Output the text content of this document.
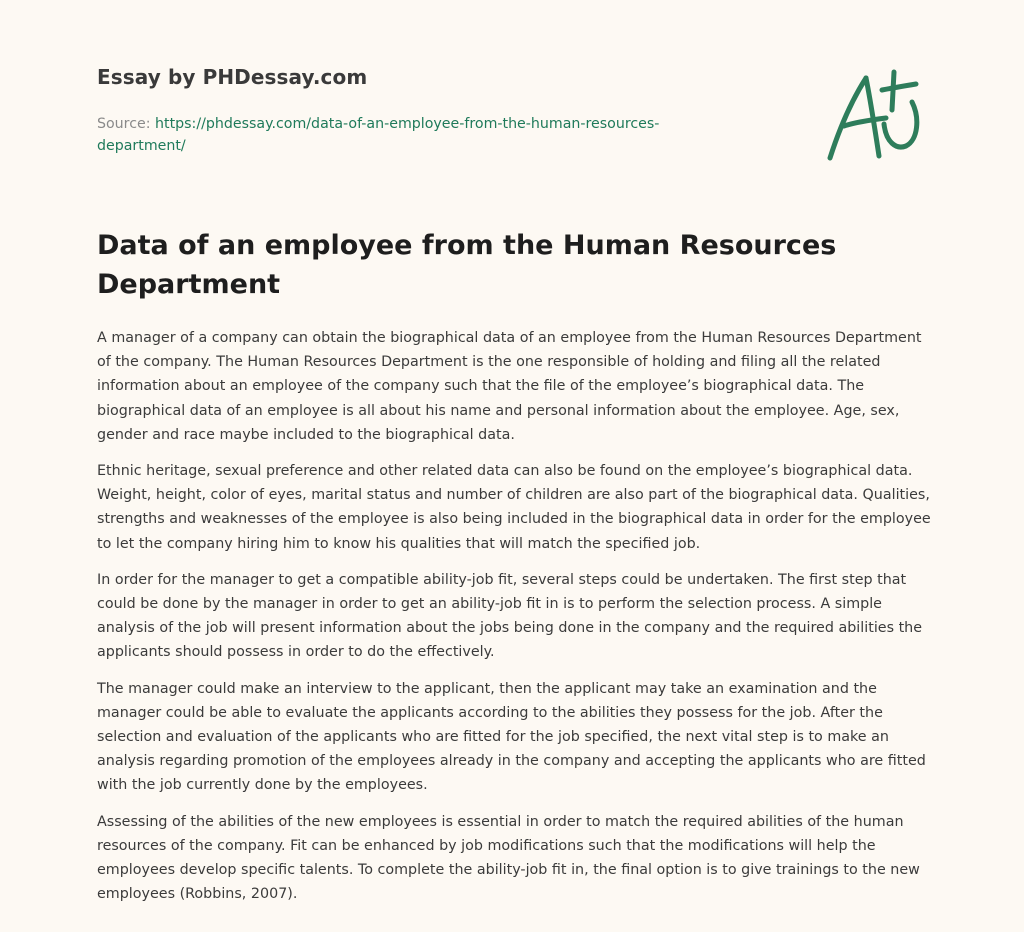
Essay by PHDessay.com
Source: https://phdessay.com/data-of-an-employee-from-the-human-resources-department/
Data of an employee from the Human Resources Department

A manager of a company can obtain the biographical data of an employee from the Human Resources Department of the company. The Human Resources Department is the one responsible of holding and filing all the related information about an employee of the company such that the file of the employee’s biographical data. The biographical data of an employee is all about his name and personal information about the employee. Age, sex, gender and race maybe included to the biographical data.

Ethnic heritage, sexual preference and other related data can also be found on the employee’s biographical data. Weight, height, color of eyes, marital status and number of children are also part of the biographical data. Qualities, strengths and weaknesses of the employee is also being included in the biographical data in order for the employee to let the company hiring him to know his qualities that will match the specified job.

In order for the manager to get a compatible ability-job fit, several steps could be undertaken. The first step that could be done by the manager in order to get an ability-job fit in is to perform the selection process. A simple analysis of the job will present information about the jobs being done in the company and the required abilities the applicants should possess in order to do the effectively.

The manager could make an interview to the applicant, then the applicant may take an examination and the manager could be able to evaluate the applicants according to the abilities they possess for the job. After the selection and evaluation of the applicants who are fitted for the job specified, the next vital step is to make an analysis regarding promotion of the employees already in the company and accepting the applicants who are fitted with the job currently done by the employees.

Assessing of the abilities of the new employees is essential in order to match the required abilities of the human resources of the company. Fit can be enhanced by job modifications such that the modifications will help the employees develop specific talents. To complete the ability-job fit in, the final option is to give trainings to the new employees (Robbins, 2007).
